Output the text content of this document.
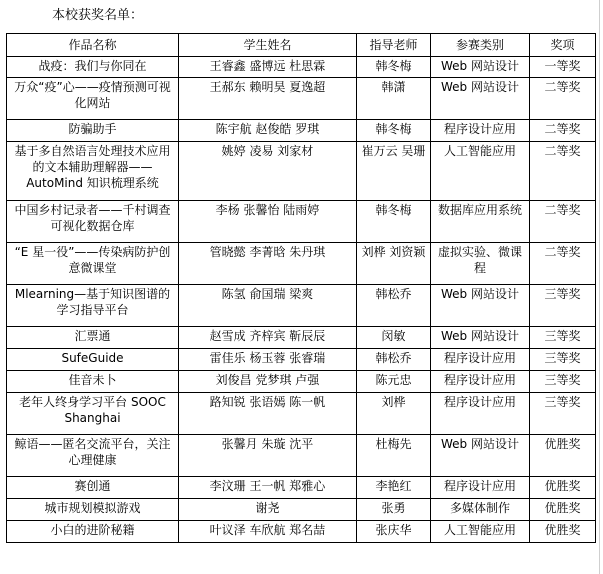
本校获奖名单：
作品名称	学生姓名	指导老师	参赛类别	奖项
战疫：我们与你同在	王睿鑫 盛博远 杜思霖	韩冬梅	Web 网站设计	一等奖
万众“疫”心——疫情预测可视化网站	王郝东 赖明昊 夏逸超	韩潇	Web 网站设计	二等奖
防骗助手	陈宇航 赵俊皓 罗琪	韩冬梅	程序设计应用	二等奖
基于多自然语言处理技术应用的文本辅助理解器——AutoMind 知识梳理系统	姚婷 凌易 刘家材	崔万云 吴珊	人工智能应用	二等奖
中国乡村记录者——千村调查可视化数据仓库	李杨 张馨怡 陆雨婷	韩冬梅	数据库应用系统	二等奖
“E 星一役”——传染病防护创意微课堂	管晓懿 李菁晗 朱丹琪	刘桦 刘资颖	虚拟实验、微课程	二等奖
Mlearning—基于知识图谱的学习指导平台	陈氢 俞国瑞 梁爽	韩松乔	Web 网站设计	三等奖
汇票通	赵雪成 齐梓宾 靳辰辰	闵敏	Web 网站设计	三等奖
SufeGuide	雷佳乐 杨玉蓉 张睿瑞	韩松乔	程序设计应用	三等奖
佳音未卜	刘俊昌 党梦琪 卢强	陈元忠	程序设计应用	三等奖
老年人终身学习平台 SOOC Shanghai	路知锐 张语嫣 陈一帆	刘桦	程序设计应用	三等奖
鲸语——匿名交流平台，关注心理健康	张馨月 朱璇 沈平	杜梅先	Web 网站设计	优胜奖
赛创通	李汶珊 王一帆 郑雅心	李艳红	程序设计应用	优胜奖
城市规划模拟游戏	谢尧	张勇	多媒体制作	优胜奖
小白的进阶秘籍	叶议泽 车欣航 郑名喆	张庆华	人工智能应用	优胜奖
